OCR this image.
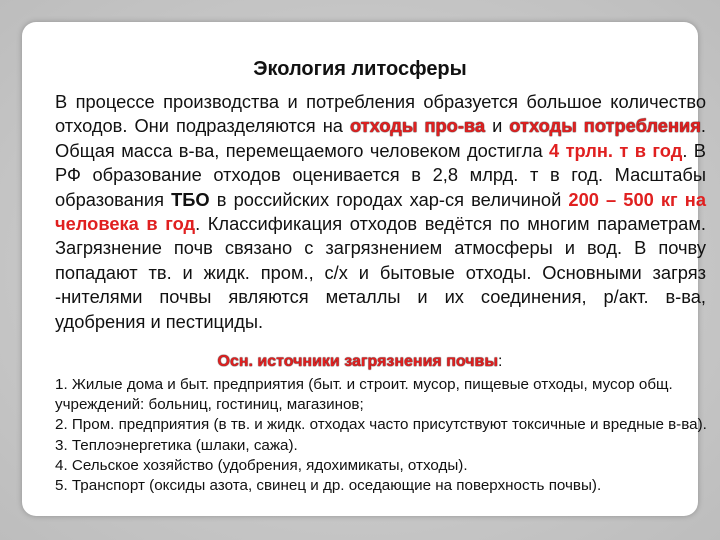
Экология литосферы

В процессе производства и потребления образуется большое количество отходов. Они подразделяются на отходы про-ва и отходы потребления. Общая масса в-ва, перемещаемого человеком достигла 4 трлн. т в год. В РФ образование отходов оценивается в 2,8 млрд. т в год. Масштабы образования ТБО в российских городах хар-ся величиной 200 – 500 кг на человека в год. Классификация отходов ведётся по многим параметрам. Загрязнение почв связано с загрязнением атмосферы и вод. В почву попадают тв. и жидк. пром., с/х и бытовые отходы. Основными загряз -нителями почвы являются металлы и их соединения, р/акт. в-ва, удобрения и пестициды.

Осн. источники загрязнения почвы:

1. Жилые дома и быт. предприятия (быт. и строит. мусор, пищевые отходы, мусор общ. учреждений: больниц, гостиниц, магазинов;
2. Пром. предприятия (в тв. и жидк. отходах часто присутствуют токсичные и вредные в-ва).
3. Теплоэнергетика (шлаки, сажа).
4. Сельское хозяйство (удобрения, ядохимикаты, отходы).
5. Транспорт (оксиды азота, свинец и др. оседающие на поверхность почвы).
